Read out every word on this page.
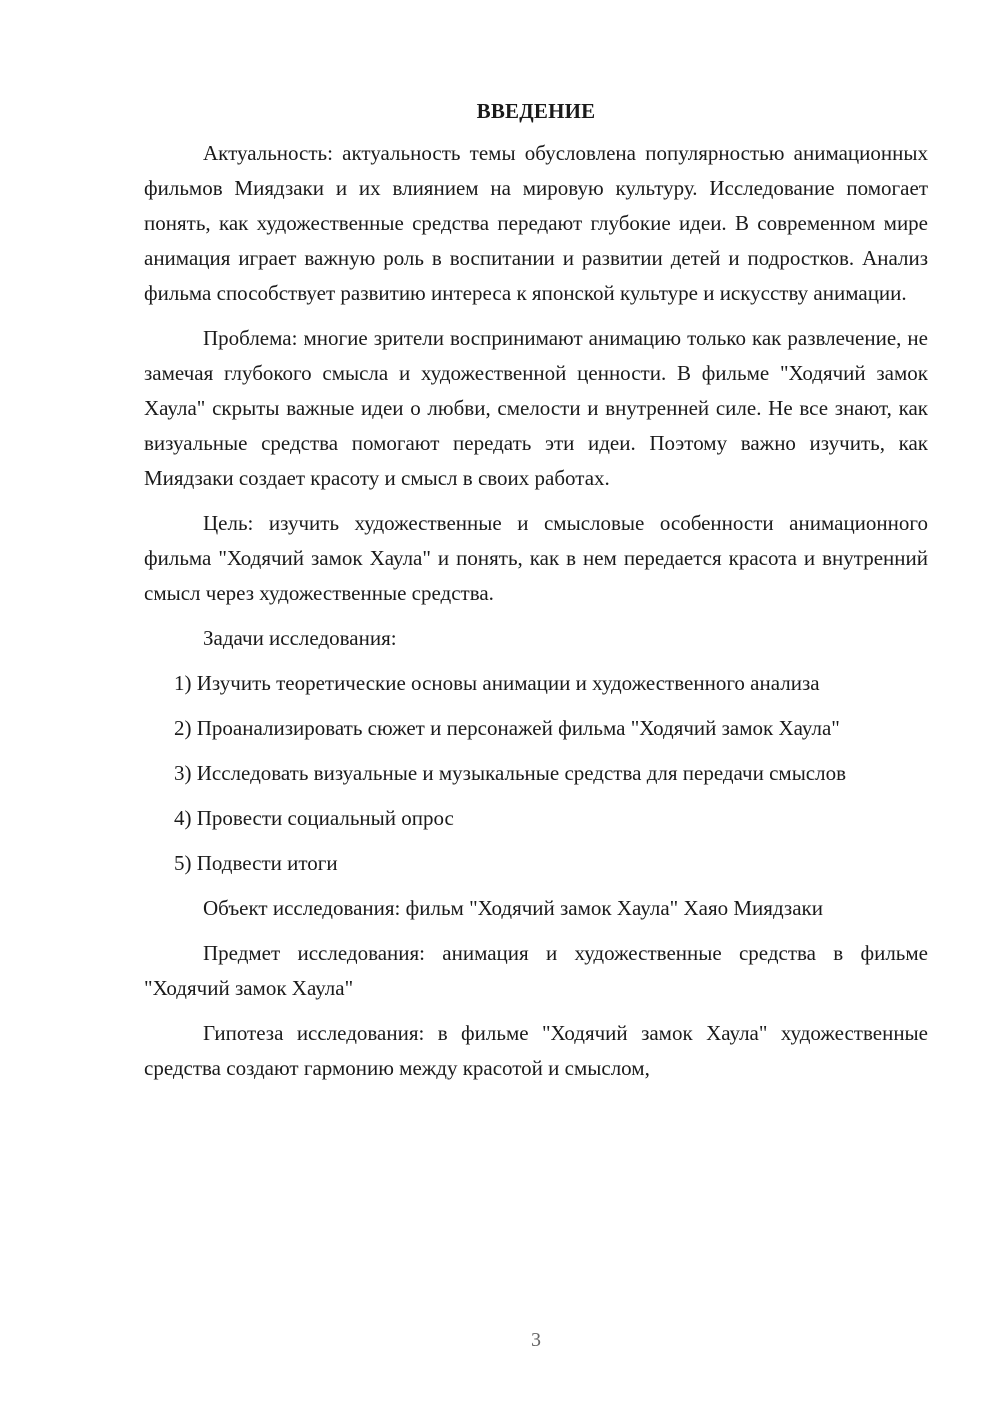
ВВЕДЕНИЕ

Актуальность: актуальность темы обусловлена популярностью анимационных фильмов Миядзаки и их влиянием на мировую культуру. Исследование помогает понять, как художественные средства передают глубокие идеи. В современном мире анимация играет важную роль в воспитании и развитии детей и подростков. Анализ фильма способствует развитию интереса к японской культуре и искусству анимации.

Проблема: многие зрители воспринимают анимацию только как развлечение, не замечая глубокого смысла и художественной ценности. В фильме "Ходячий замок Хаула" скрыты важные идеи о любви, смелости и внутренней силе. Не все знают, как визуальные средства помогают передать эти идеи. Поэтому важно изучить, как Миядзаки создает красоту и смысл в своих работах.

Цель: изучить художественные и смысловые особенности анимационного фильма "Ходячий замок Хаула" и понять, как в нем передается красота и внутренний смысл через художественные средства.

Задачи исследования:

1) Изучить теоретические основы анимации и художественного анализа

2) Проанализировать сюжет и персонажей фильма "Ходячий замок Хаула"

3) Исследовать визуальные и музыкальные средства для передачи смыслов

4) Провести социальный опрос

5) Подвести итоги

Объект исследования: фильм "Ходячий замок Хаула" Хаяо Миядзаки

Предмет исследования: анимация и художественные средства в фильме "Ходячий замок Хаула"

Гипотеза исследования: в фильме "Ходячий замок Хаула" художественные средства создают гармонию между красотой и смыслом,

3
